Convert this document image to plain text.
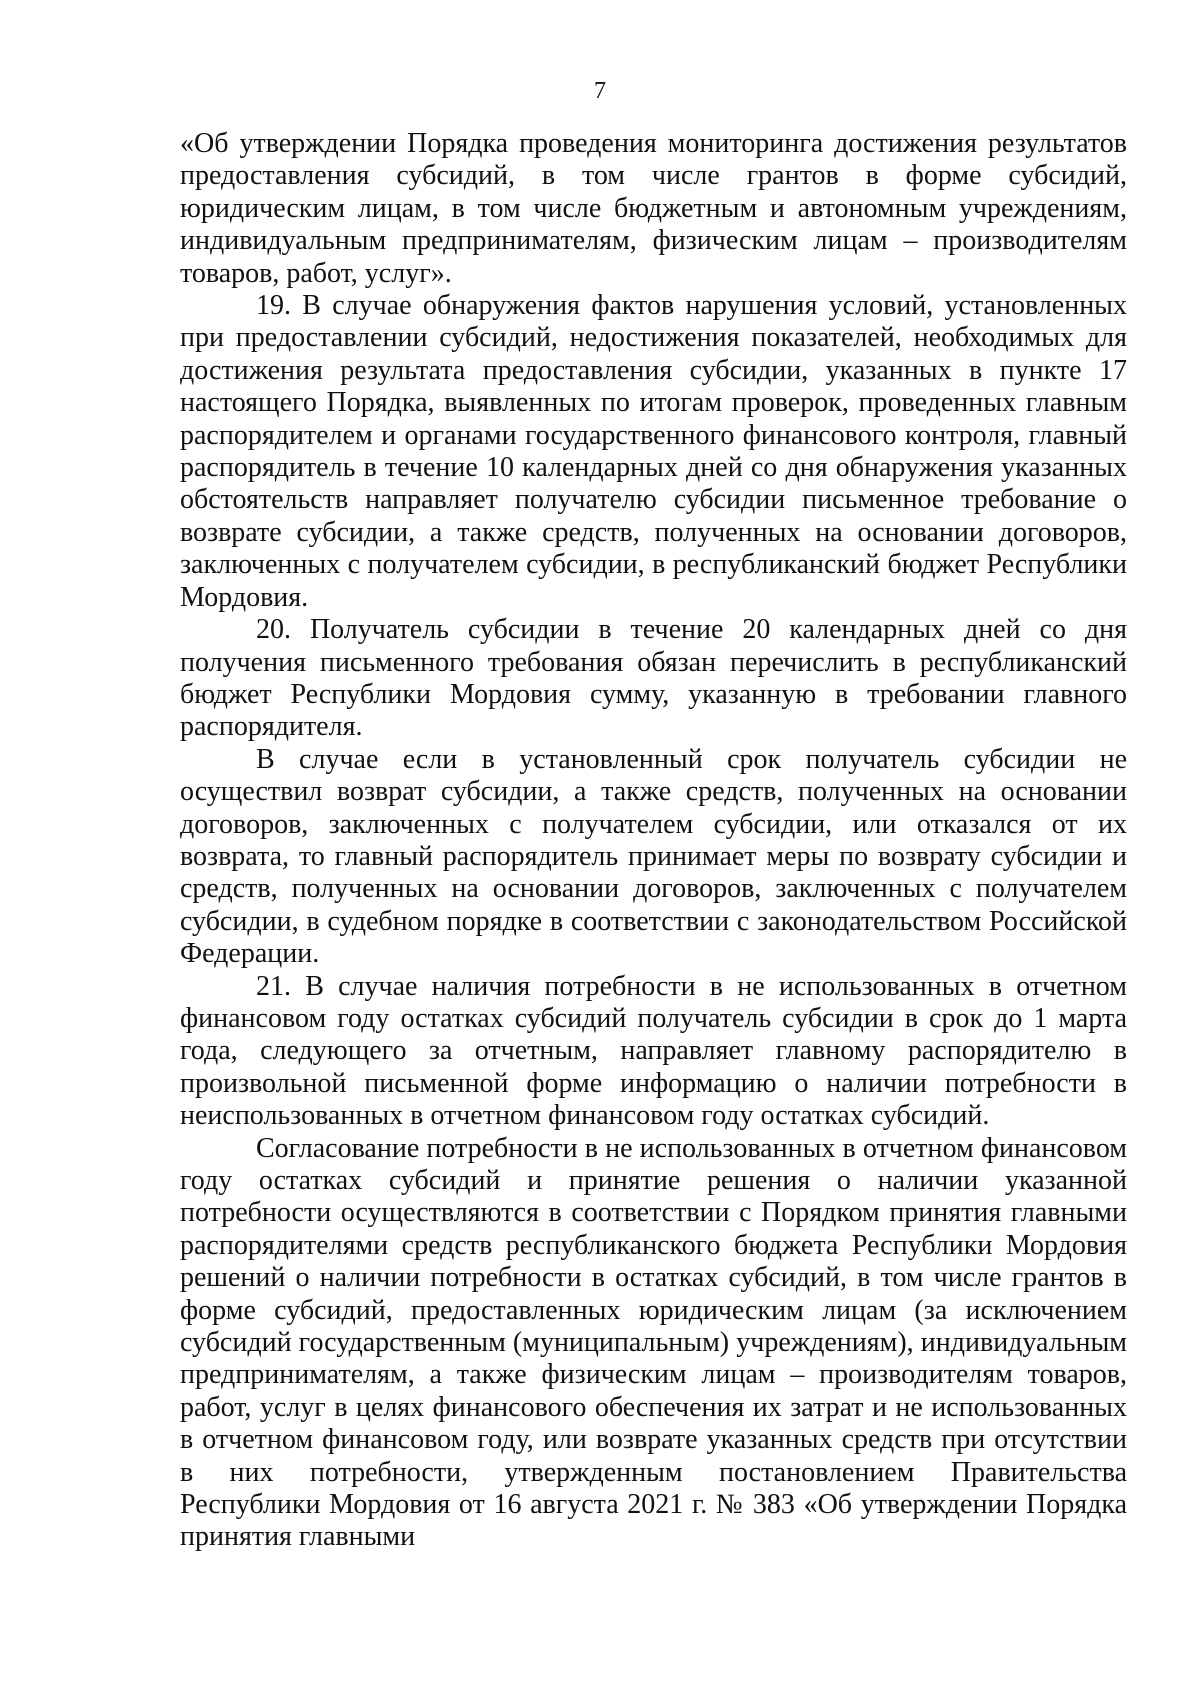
7

«Об утверждении Порядка проведения мониторинга достижения результатов предоставления субсидий, в том числе грантов в форме субсидий, юридическим лицам, в том числе бюджетным и автономным учреждениям, индивидуальным предпринимателям, физическим лицам – производителям товаров, работ, услуг».

19. В случае обнаружения фактов нарушения условий, установленных при предоставлении субсидий, недостижения показателей, необходимых для достижения результата предоставления субсидии, указанных в пункте 17 настоящего Порядка, выявленных по итогам проверок, проведенных главным распорядителем и органами государственного финансового контроля, главный распорядитель в течение 10 календарных дней со дня обнаружения указанных обстоятельств направляет получателю субсидии письменное требование о возврате субсидии, а также средств, полученных на основании договоров, заключенных с получателем субсидии, в республиканский бюджет Республики Мордовия.

20. Получатель субсидии в течение 20 календарных дней со дня получения письменного требования обязан перечислить в республиканский бюджет Республики Мордовия сумму, указанную в требовании главного распорядителя.

В случае если в установленный срок получатель субсидии не осуществил возврат субсидии, а также средств, полученных на основании договоров, заключенных с получателем субсидии, или отказался от их возврата, то главный распорядитель принимает меры по возврату субсидии и средств, полученных на основании договоров, заключенных с получателем субсидии, в судебном порядке в соответствии с законодательством Российской Федерации.

21. В случае наличия потребности в не использованных в отчетном финансовом году остатках субсидий получатель субсидии в срок до 1 марта года, следующего за отчетным, направляет главному распорядителю в произвольной письменной форме информацию о наличии потребности в неиспользованных в отчетном финансовом году остатках субсидий.

Согласование потребности в не использованных в отчетном финансовом году остатках субсидий и принятие решения о наличии указанной потребности осуществляются в соответствии с Порядком принятия главными распорядителями средств республиканского бюджета Республики Мордовия решений о наличии потребности в остатках субсидий, в том числе грантов в форме субсидий, предоставленных юридическим лицам (за исключением субсидий государственным (муниципальным) учреждениям), индивидуальным предпринимателям, а также физическим лицам – производителям товаров, работ, услуг в целях финансового обеспечения их затрат и не использованных в отчетном финансовом году, или возврате указанных средств при отсутствии в них потребности, утвержденным постановлением Правительства Республики Мордовия от 16 августа 2021 г. № 383 «Об утверждении Порядка принятия главными
